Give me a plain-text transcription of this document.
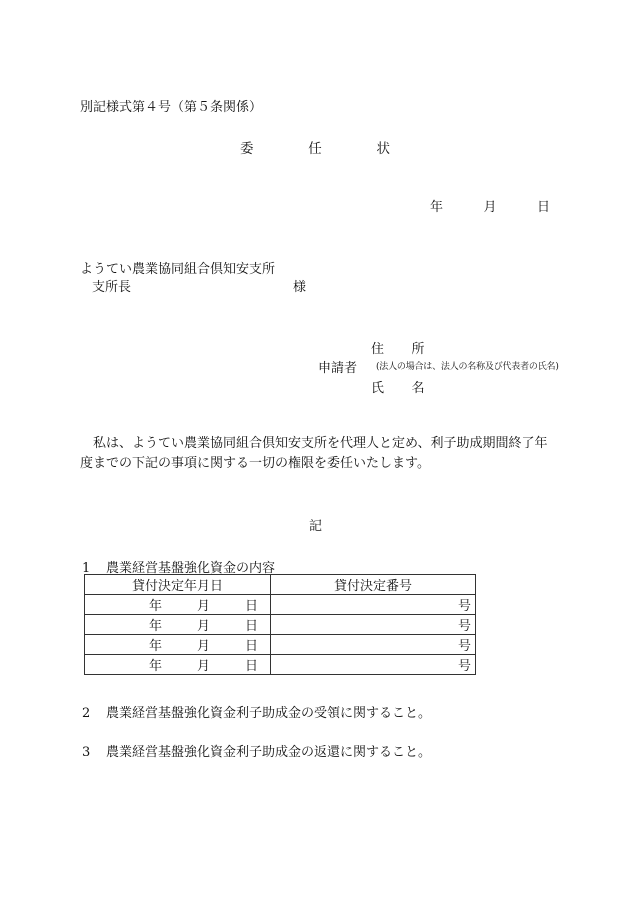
別記様式第４号（第５条関係）
委	任	状
年	月	日
ようてい農業協同組合倶知安支所
支所長	様
住 所
申請者 (法人の場合は、法人の名称及び代表者の氏名)
氏 名
私は、ようてい農業協同組合倶知安支所を代理人と定め、利子助成期間終了年度までの下記の事項に関する一切の権限を委任いたします。
記
1 農業経営基盤強化資金の内容
貸付決定年月日	貸付決定番号

年 月 日	号

年 月 日	号

年 月 日	号

年 月 日	号
2 農業経営基盤強化資金利子助成金の受領に関すること。
3 農業経営基盤強化資金利子助成金の返還に関すること。
